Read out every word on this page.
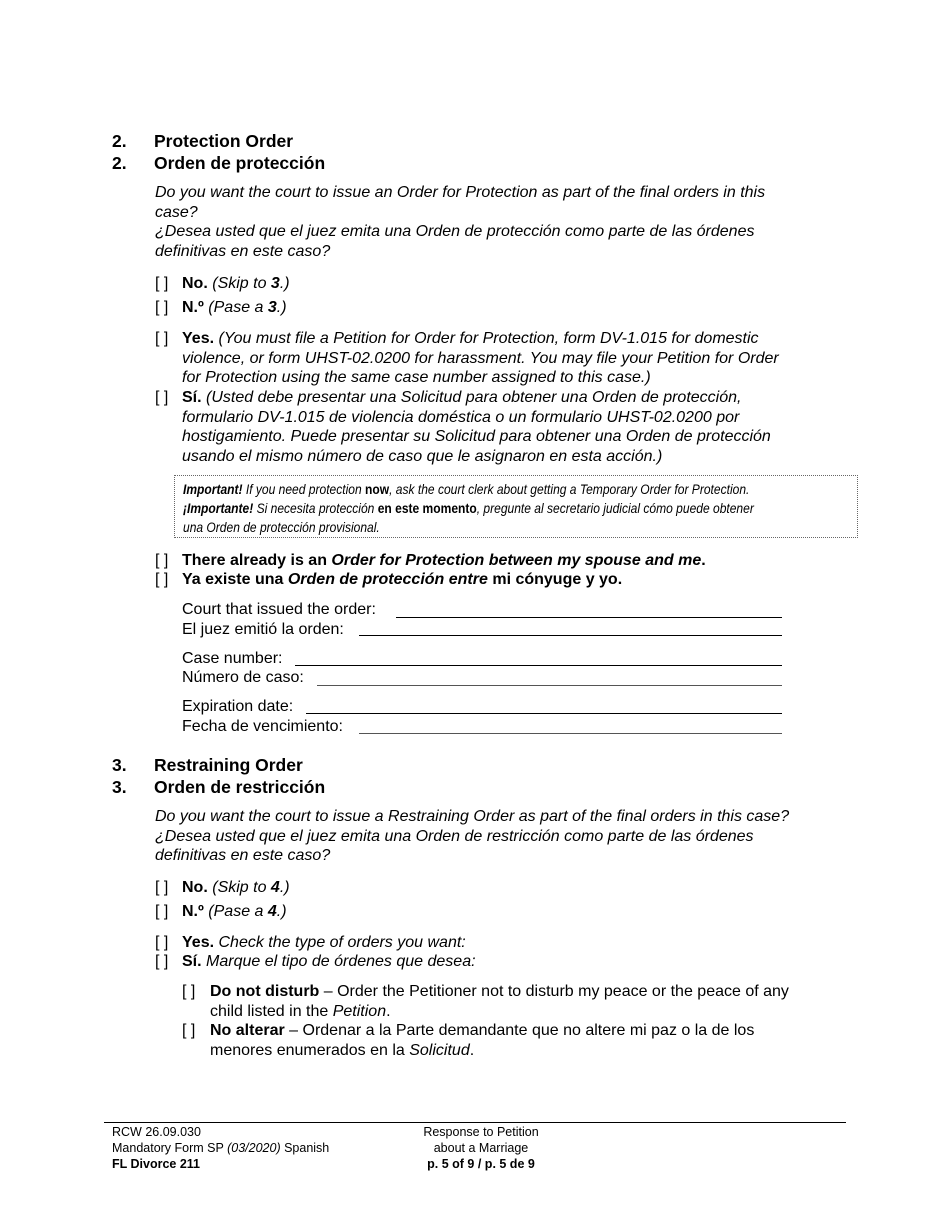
2. Protection Order
2. Orden de protección
Do you want the court to issue an Order for Protection as part of the final orders in this
case?
¿Desea usted que el juez emita una Orden de protección como parte de las órdenes
definitivas en este caso?
[ ] No. (Skip to 3.)
[ ] N.º (Pase a 3.)
[ ] Yes. (You must file a Petition for Order for Protection, form DV-1.015 for domestic
violence, or form UHST-02.0200 for harassment. You may file your Petition for Order
for Protection using the same case number assigned to this case.)
[ ] Sí. (Usted debe presentar una Solicitud para obtener una Orden de protección,
formulario DV-1.015 de violencia doméstica o un formulario UHST-02.0200 por
hostigamiento. Puede presentar su Solicitud para obtener una Orden de protección
usando el mismo número de caso que le asignaron en esta acción.)
Important! If you need protection now, ask the court clerk about getting a Temporary Order for Protection.
¡Importante! Si necesita protección en este momento, pregunte al secretario judicial cómo puede obtener
una Orden de protección provisional.
[ ] There already is an Order for Protection between my spouse and me.
[ ] Ya existe una Orden de protección entre mi cónyuge y yo.
Court that issued the order:
El juez emitió la orden:
Case number:
Número de caso:
Expiration date:
Fecha de vencimiento:
3. Restraining Order
3. Orden de restricción
Do you want the court to issue a Restraining Order as part of the final orders in this case?
¿Desea usted que el juez emita una Orden de restricción como parte de las órdenes
definitivas en este caso?
[ ] No. (Skip to 4.)
[ ] N.º (Pase a 4.)
[ ] Yes. Check the type of orders you want:
[ ] Sí. Marque el tipo de órdenes que desea:
[ ] Do not disturb – Order the Petitioner not to disturb my peace or the peace of any
child listed in the Petition.
[ ] No alterar – Ordenar a la Parte demandante que no altere mi paz o la de los
menores enumerados en la Solicitud.
RCW 26.09.030
Mandatory Form SP (03/2020) Spanish
FL Divorce 211
Response to Petition
about a Marriage
p. 5 of 9 / p. 5 de 9
